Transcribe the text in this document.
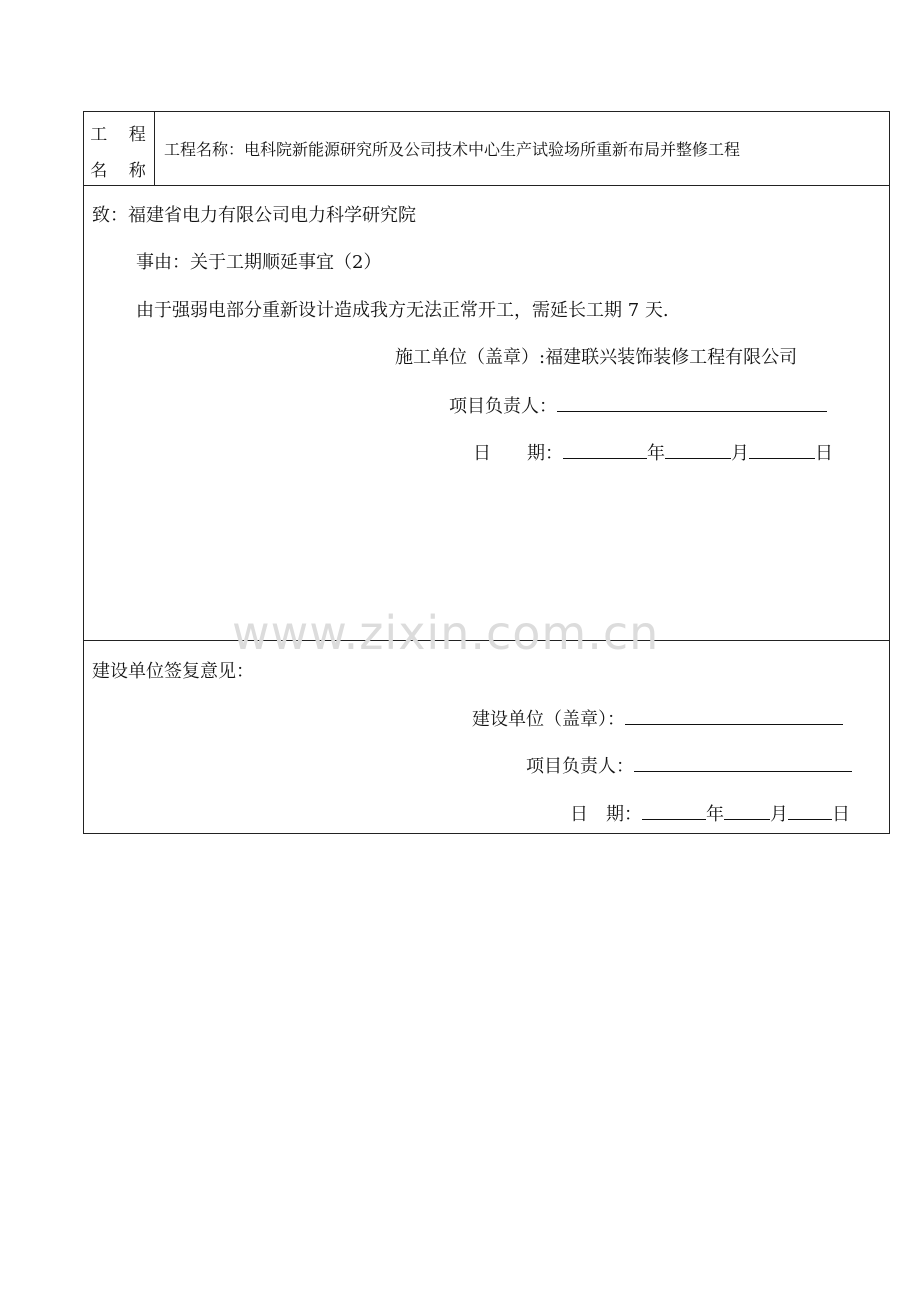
工 程
名 称
工程名称：电科院新能源研究所及公司技术中心生产试验场所重新布局并整修工程
致：福建省电力有限公司电力科学研究院
事由：关于工期顺延事宜（2）
由于强弱电部分重新设计造成我方无法正常开工，需延长工期 7 天.
施工单位（盖章）:福建联兴装饰装修工程有限公司
项目负责人：
日　　期：	年	月	日
建设单位签复意见：
建设单位（盖章）：
项目负责人：
日　期：	年	月 日
www.zixin.com.cn
